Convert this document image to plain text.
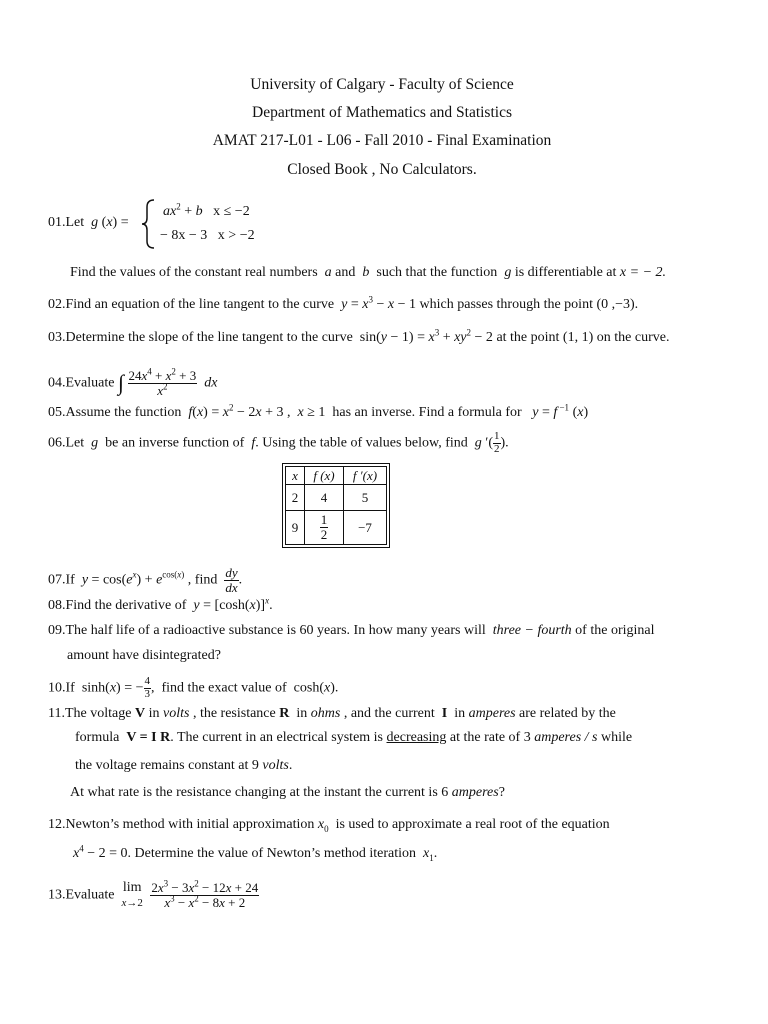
University of Calgary - Faculty of Science
Department of Mathematics and Statistics
AMAT 217-L01 - L06 - Fall 2010 - Final Examination
Closed Book , No Calculators.
01.Let g (x) =
$ax^2 + b$ x ≤ −2
− 8x − 3 x > −2
Find the values of the constant real numbers a and b such that the function g is differentiable at x = − 2.
02.Find an equation of the line tangent to the curve $y = x^3 - x - 1$ which passes through the point (0 ,−3).
03.Determine the slope of the line tangent to the curve  $\sin(y - 1) = x^3 + xy^2 - 2$ at the point (1, 1) on the curve.
04.Evaluate ∫ $\frac{24x^4 + x^2 + 3}{x^2}$ dx
05.Assume the function $f(x) = x^2 - 2x + 3$ ,  x ≥ 1  has an inverse. Find a formula for y = f $^{-1}$ (x)
06.Let g be an inverse function of f. Using the table of values below, find g ′( $\frac{1}{2}$ ).
x	f (x)	f ′(x)
2	4	5
9	$\frac{1}{2}$	−7
07.If $y = \cos(e^x) + e^{cos(x)}$ , find $\frac{dy}{dx}$ .
08.Find the derivative of $y = [\cosh(x)]^x$.
09.The half life of a radioactive substance is 60 years. In how many years will three − fourth of the original
amount have disintegrated?
10.If  sinh(x) = − $\frac{4}{3}$ ,  find the exact value of  cosh(x).
11.The voltage V in volts , the resistance R in ohms , and the current I in amperes are related by the
formula V = I R. The current in an electrical system is decreasing at the rate of 3 amperes / s while
the voltage remains constant at 9 volts.
At what rate is the resistance changing at the instant the current is 6 amperes?
12.Newton’s method with initial approximation $x_0$ is used to approximate a real root of the equation
$x^4 - 2 = 0$. Determine the value of Newton’s method iteration $x_1$.
13.Evaluate  lim
$x\to 2 \frac{2x^3 - 3x^2 - 12x + 24}{x^3 - x^2 - 8x + 2}$
